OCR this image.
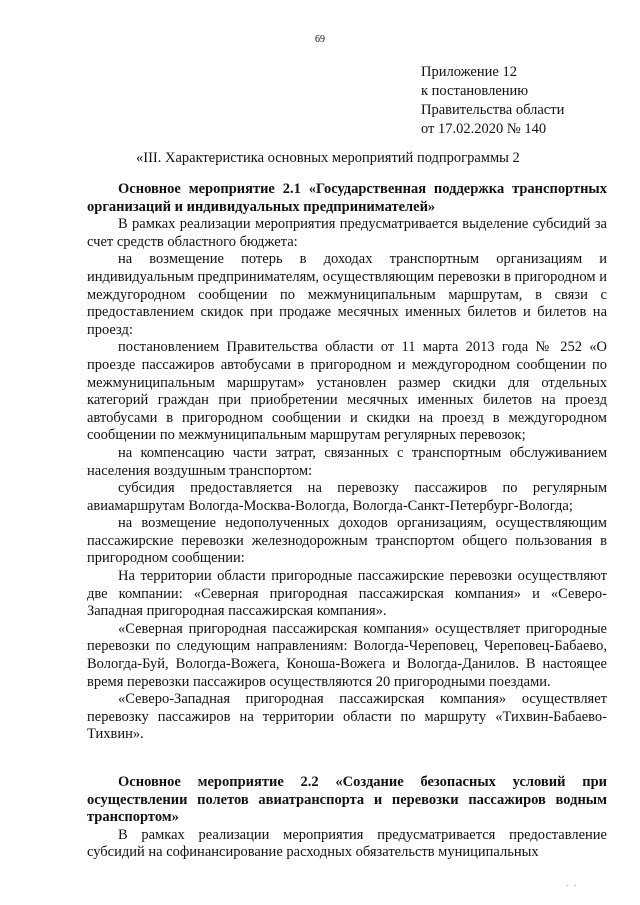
69
Приложение 12
к постановлению
Правительства области
от 17.02.2020 № 140
«III. Характеристика основных мероприятий подпрограммы 2

Основное мероприятие 2.1 «Государственная поддержка транспортных организаций и индивидуальных предпринимателей»

В рамках реализации мероприятия предусматривается выделение субсидий за счет средств областного бюджета:

на возмещение потерь в доходах транспортным организациям и индивидуальным предпринимателям, осуществляющим перевозки в пригородном и междугородном сообщении по межмуниципальным маршрутам, в связи с предоставлением скидок при продаже месячных именных билетов и билетов на проезд:

постановлением Правительства области от 11 марта 2013 года № 252 «О проезде пассажиров автобусами в пригородном и междугородном сообщении по межмуниципальным маршрутам» установлен размер скидки для отдельных категорий граждан при приобретении месячных именных билетов на проезд автобусами в пригородном сообщении и скидки на проезд в междугородном сообщении по межмуниципальным маршрутам регулярных перевозок;

на компенсацию части затрат, связанных с транспортным обслуживанием населения воздушным транспортом:

субсидия предоставляется на перевозку пассажиров по регулярным авиамаршрутам Вологда-Москва-Вологда, Вологда-Санкт-Петербург-Вологда;

на возмещение недополученных доходов организациям, осуществляющим пассажирские перевозки железнодорожным транспортом общего пользования в пригородном сообщении:

На территории области пригородные пассажирские перевозки осуществляют две компании: «Северная пригородная пассажирская компания» и «Северо-Западная пригородная пассажирская компания».

«Северная пригородная пассажирская компания» осуществляет пригородные перевозки по следующим направлениям: Вологда-Череповец, Череповец-Бабаево, Вологда-Буй, Вологда-Вожега, Коноша-Вожега и Вологда-Данилов. В настоящее время перевозки пассажиров осуществляются 20 пригородными поездами.

«Северо-Западная пригородная пассажирская компания» осуществляет перевозку пассажиров на территории области по маршруту «Тихвин-Бабаево-Тихвин».

Основное мероприятие 2.2 «Создание безопасных условий при осуществлении полетов авиатранспорта и перевозки пассажиров водным транспортом»

В рамках реализации мероприятия предусматривается предоставление субсидий на софинансирование расходных обязательств муниципальных

· ·
